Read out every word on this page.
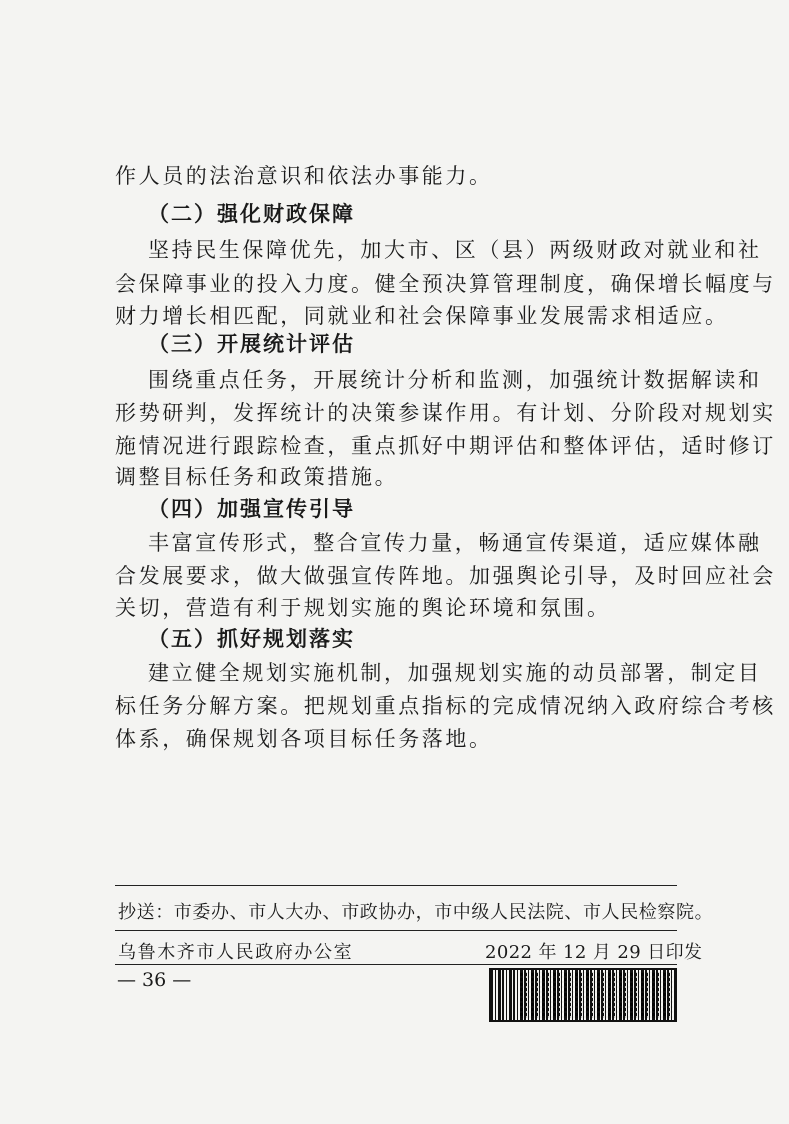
作人员的法治意识和依法办事能力。
（二）强化财政保障
坚持民生保障优先，加大市、区（县）两级财政对就业和社
会保障事业的投入力度。健全预决算管理制度，确保增长幅度与
财力增长相匹配，同就业和社会保障事业发展需求相适应。
（三）开展统计评估
围绕重点任务，开展统计分析和监测，加强统计数据解读和
形势研判，发挥统计的决策参谋作用。有计划、分阶段对规划实
施情况进行跟踪检查，重点抓好中期评估和整体评估，适时修订
调整目标任务和政策措施。
（四）加强宣传引导
丰富宣传形式，整合宣传力量，畅通宣传渠道，适应媒体融
合发展要求，做大做强宣传阵地。加强舆论引导，及时回应社会
关切，营造有利于规划实施的舆论环境和氛围。
（五）抓好规划落实
建立健全规划实施机制，加强规划实施的动员部署，制定目
标任务分解方案。把规划重点指标的完成情况纳入政府综合考核
体系，确保规划各项目标任务落地。
抄送：市委办、市人大办、市政协办，市中级人民法院、市人民检察院。
乌鲁木齐市人民政府办公室	2022 年 12 月 29 日印发
— 36 —
